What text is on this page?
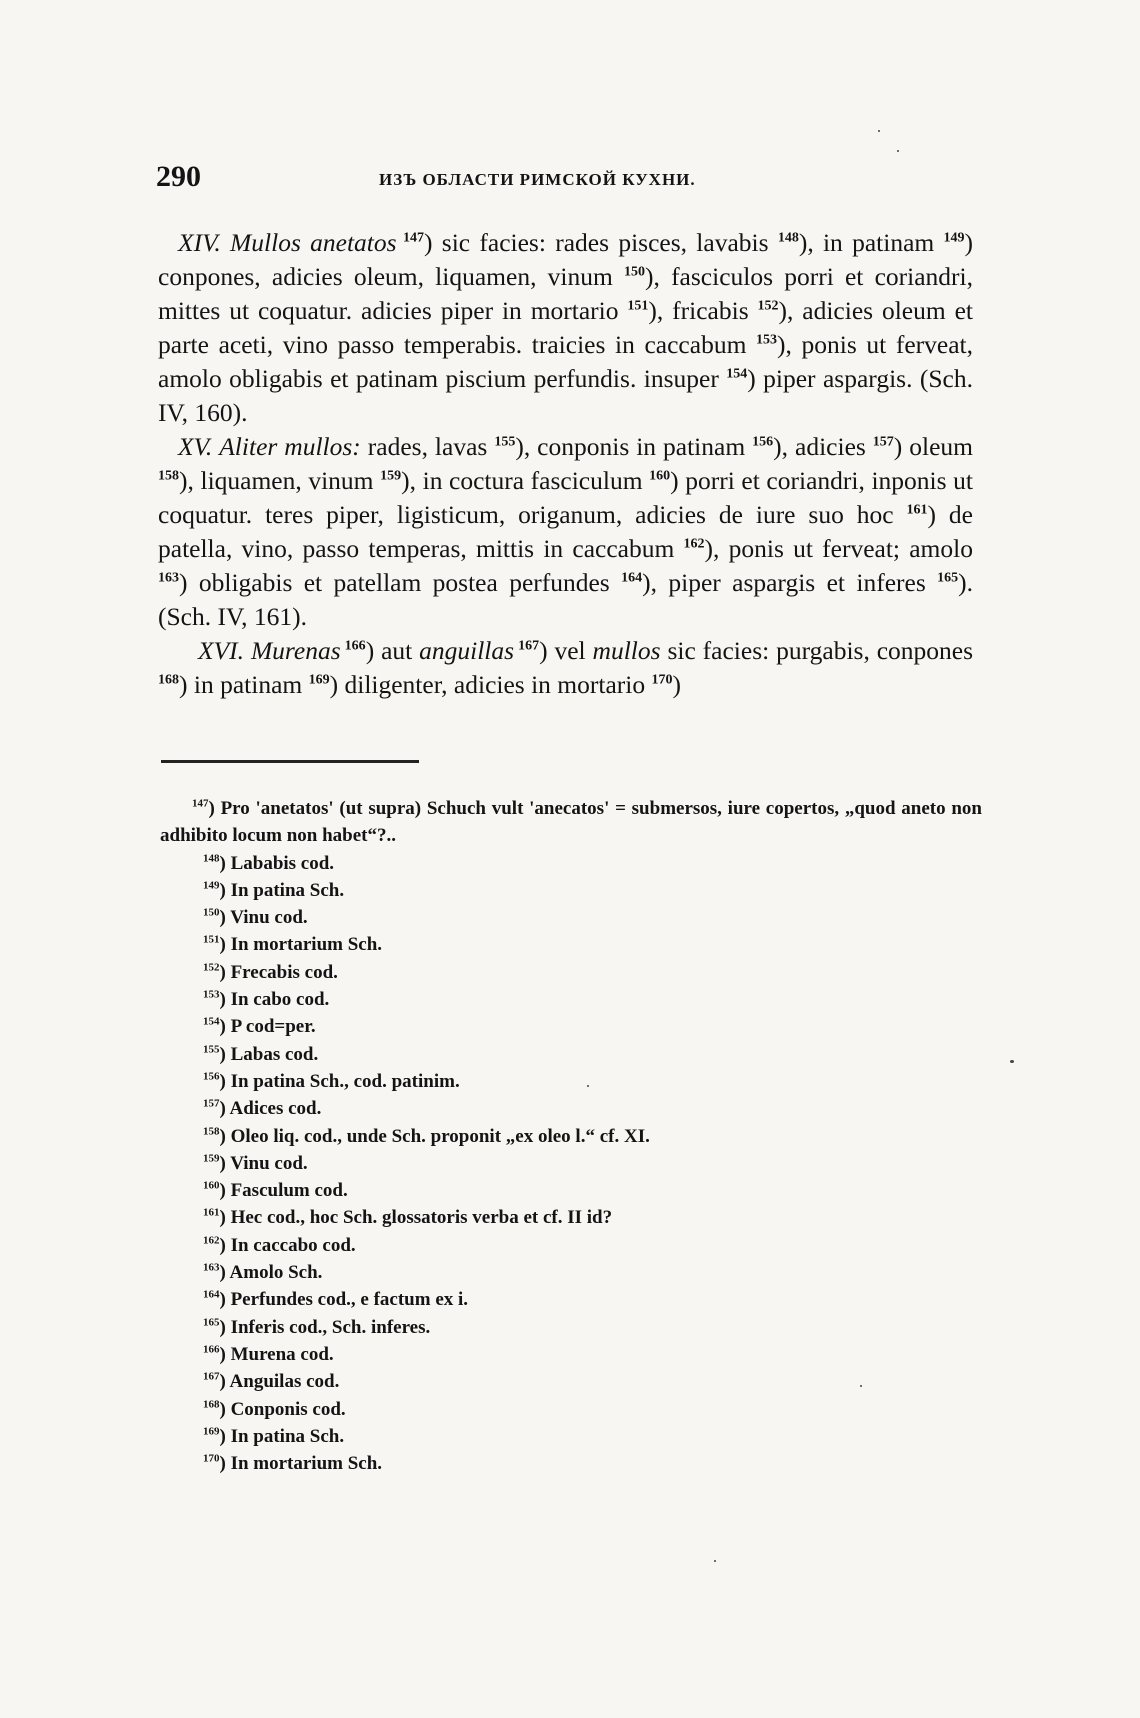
290	ИЗЪ ОБЛАСТИ РИМСКОЙ КУХНИ.

XIV. Mullos anetatos $^{147}$) sic facies: rades pisces, lavabis $^{148}$), in patinam $^{149}$) conpones, adicies oleum, liquamen, vinum $^{150}$), fasciculos porri et coriandri, mittes ut coquatur. adicies piper in mortario $^{151}$), fricabis $^{152}$), adicies oleum et parte aceti, vino passo temperabis. traicies in caccabum $^{153}$), ponis ut ferveat, amolo obligabis et patinam piscium perfundis. insuper $^{154}$) piper aspargis. (Sch. IV, 160).

XV. Aliter mullos: rades, lavas $^{155}$), conponis in patinam $^{156}$), adicies $^{157}$) oleum $^{158}$), liquamen, vinum $^{159}$), in coctura fasciculum $^{160}$) porri et coriandri, inponis ut coquatur. teres piper, ligisticum, origanum, adicies de iure suo hoc $^{161}$) de patella, vino, passo temperas, mittis in caccabum $^{162}$), ponis ut ferveat; amolo $^{163}$) obligabis et patellam postea perfundes $^{164}$), piper aspargis et inferes $^{165}$). (Sch. IV, 161).

XVI. Murenas $^{166}$) aut anguillas $^{167}$) vel mullos sic facies: purgabis, conpones $^{168}$) in patinam $^{169}$) diligenter, adicies in mortario $^{170}$)

$^{147}$) Pro 'anetatos' (ut supra) Schuch vult 'anecatos' = submersos, iure copertos, „quod aneto non adhibito locum non habet“?..
$^{148}$) Lababis cod.
$^{149}$) In patina Sch.
$^{150}$) Vinu cod.
$^{151}$) In mortarium Sch.
$^{152}$) Frecabis cod.
$^{153}$) In cabo cod.
$^{154}$) P cod=per.
$^{155}$) Labas cod.
$^{156}$) In patina Sch., cod. patinim.
$^{157}$) Adices cod.
$^{158}$) Oleo liq. cod., unde Sch. proponit „ex oleo l.“ cf. XI.
$^{159}$) Vinu cod.
$^{160}$) Fasculum cod.
$^{161}$) Hec cod., hoc Sch. glossatoris verba et cf. II id?
$^{162}$) In caccabo cod.
$^{163}$) Amolo Sch.
$^{164}$) Perfundes cod., e factum ex i.
$^{165}$) Inferis cod., Sch. inferes.
$^{166}$) Murena cod.
$^{167}$) Anguilas cod.
$^{168}$) Conponis cod.
$^{169}$) In patina Sch.
$^{170}$) In mortarium Sch.
